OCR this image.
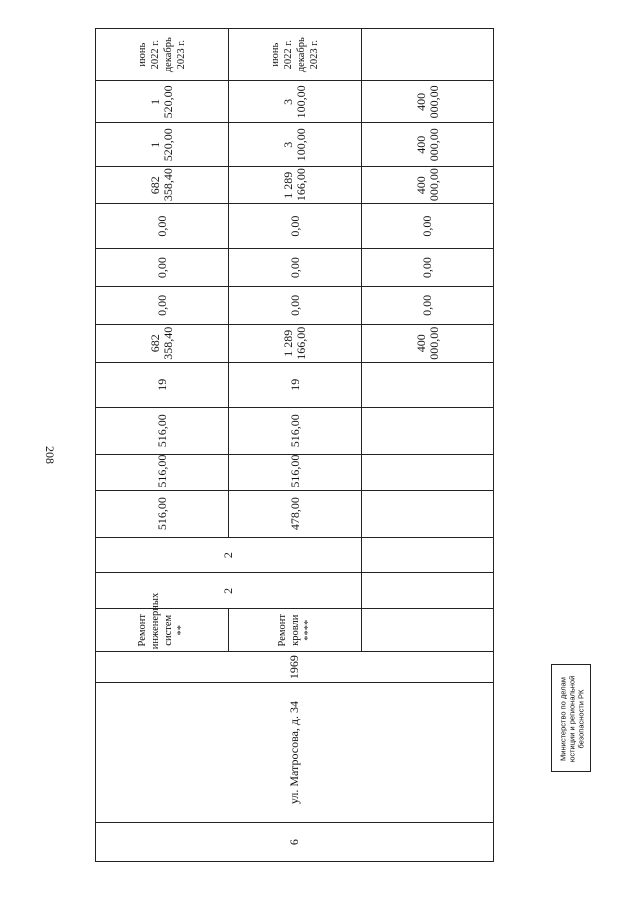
208
Министерство по делам юстиции и региональной безопасности РК
6	ул. Матросова, д. 34	1969	Ремонт инженерных систем **	2	2	516,00	516,00	516,00	19	682 358,40	0,00	0,00	0,00	682 358,40	1 520,00	1 520,00	июнь 2022 г. декабрь 2023 г.
			Ремонт кровли ****			478,00	516,00	516,00	19	1 289 166,00	0,00	0,00	0,00	1 289 166,00	3 100,00	3 100,00	июнь 2022 г. декабрь 2023 г.
										400 000,00	0,00	0,00	0,00	400 000,00	400 000,00	400 000,00	
